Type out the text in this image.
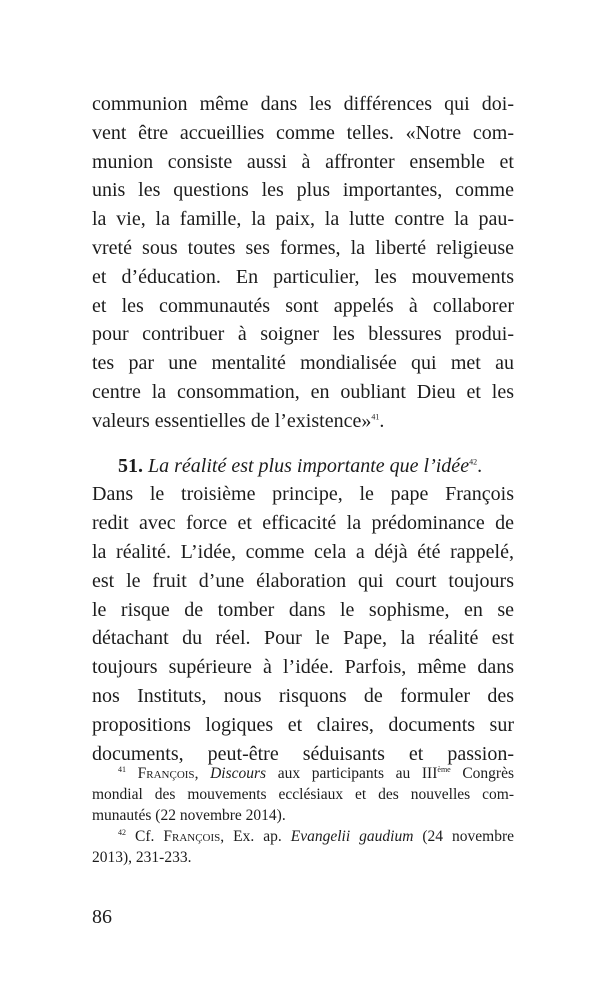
communion même dans les différences qui doi-
vent être accueillies comme telles. «Notre com-
munion consiste aussi à affronter ensemble et
unis les questions les plus importantes, comme
la vie, la famille, la paix, la lutte contre la pau-
vreté sous toutes ses formes, la liberté religieuse
et d’éducation. En particulier, les mouvements
et les communautés sont appelés à collaborer
pour contribuer à soigner les blessures produi-
tes par une mentalité mondialisée qui met au
centre la consommation, en oubliant Dieu et les
valeurs essentielles de l’existence»$^{41}$.
51. La réalité est plus importante que l’idée$^{42}$.
Dans le troisième principe, le pape François
redit avec force et efficacité la prédominance de
la réalité. L’idée, comme cela a déjà été rappelé,
est le fruit d’une élaboration qui court toujours
le risque de tomber dans le sophisme, en se
détachant du réel. Pour le Pape, la réalité est
toujours supérieure à l’idée. Parfois, même dans
nos Instituts, nous risquons de formuler des
propositions logiques et claires, documents sur
documents, peut-être séduisants et passion-
$^{41}$ François, Discours aux participants au IIIème Congrès
mondial des mouvements ecclésiaux et des nouvelles com-
munautés (22 novembre 2014).
$^{42}$ Cf. François, Ex. ap. Evangelii gaudium (24 novembre
2013), 231-233.
86
